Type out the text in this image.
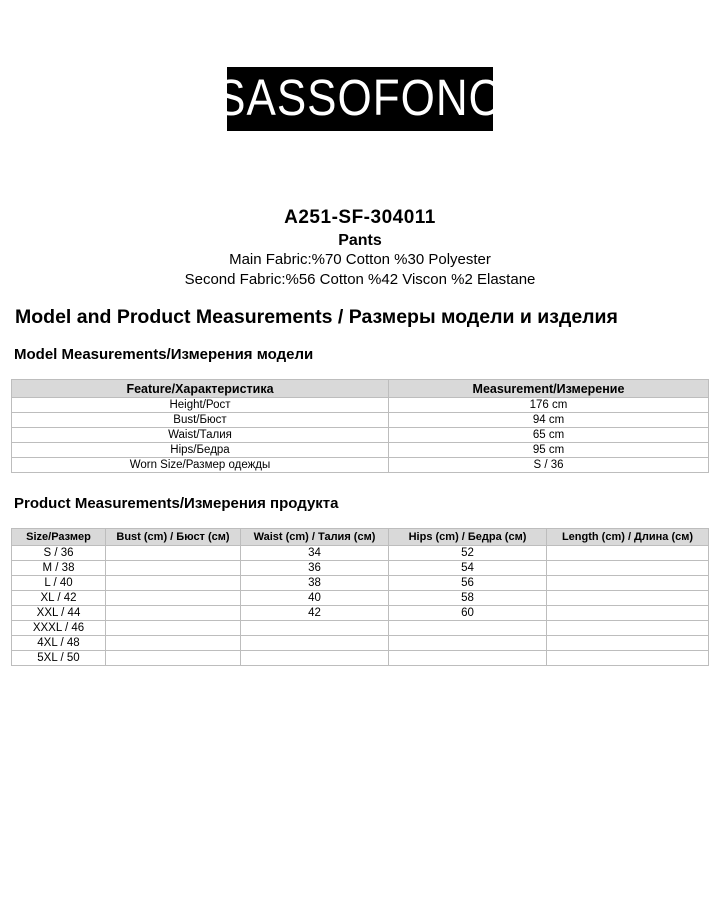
SASSOFONO
A251-SF-304011
Pants
Main Fabric:%70 Cotton %30 Polyester
Second Fabric:%56 Cotton %42 Viscon %2 Elastane
Model and Product Measurements / Размеры модели и изделия
Model Measurements/Измерения модели
Feature/Характеристика	Measurement/Измерение
Height/Рост	176 cm
Bust/Бюст	94 cm
Waist/Талия	65 cm
Hips/Бедра	95 cm
Worn Size/Размер одежды	S / 36
Product Measurements/Измерения продукта
Size/Размер	Bust (cm) / Бюст (см)	Waist (cm) / Талия (см)	Hips (cm) / Бедра (см)	Length (cm) / Длина (см)
S / 36		34	52	
M / 38		36	54	
L / 40		38	56	
XL / 42		40	58	
XXL / 44		42	60	
XXXL / 46				
4XL / 48				
5XL / 50				
